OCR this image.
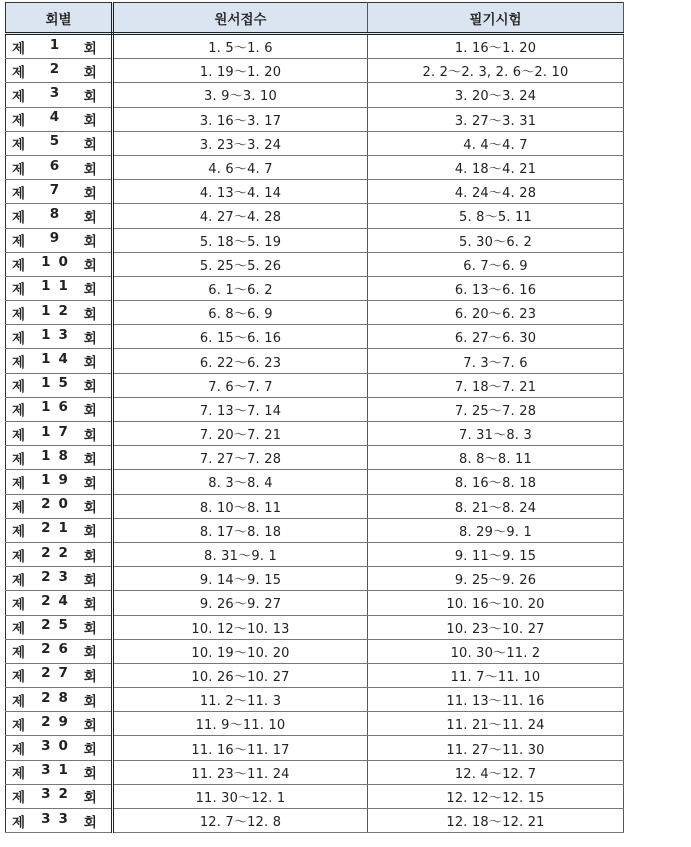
회별	원서접수	필기시험

제 1 회	1. 5～1. 6	1. 16～1. 20

제 2 회	1. 19～1. 20	2. 2～2. 3, 2. 6～2. 10

제 3 회	3. 9～3. 10	3. 20～3. 24

제 4 회	3. 16～3. 17	3. 27～3. 31

제 5 회	3. 23～3. 24	4. 4～4. 7

제 6 회	4. 6～4. 7	4. 18～4. 21

제 7 회	4. 13～4. 14	4. 24～4. 28

제 8 회	4. 27～4. 28	5. 8～5. 11

제 9 회	5. 18～5. 19	5. 30～6. 2

제 10 회	5. 25～5. 26	6. 7～6. 9

제 11 회	6. 1～6. 2	6. 13～6. 16

제 12 회	6. 8～6. 9	6. 20～6. 23

제 13 회	6. 15～6. 16	6. 27～6. 30

제 14 회	6. 22～6. 23	7. 3～7. 6

제 15 회	7. 6～7. 7	7. 18～7. 21

제 16 회	7. 13～7. 14	7. 25～7. 28

제 17 회	7. 20～7. 21	7. 31～8. 3

제 18 회	7. 27～7. 28	8. 8～8. 11

제 19 회	8. 3～8. 4	8. 16～8. 18

제 20 회	8. 10～8. 11	8. 21～8. 24

제 21 회	8. 17～8. 18	8. 29～9. 1

제 22 회	8. 31～9. 1	9. 11～9. 15

제 23 회	9. 14～9. 15	9. 25～9. 26

제 24 회	9. 26～9. 27	10. 16～10. 20

제 25 회	10. 12～10. 13	10. 23～10. 27

제 26 회	10. 19～10. 20	10. 30～11. 2

제 27 회	10. 26～10. 27	11. 7～11. 10

제 28 회	11. 2～11. 3	11. 13～11. 16

제 29 회	11. 9～11. 10	11. 21～11. 24

제 30 회	11. 16～11. 17	11. 27～11. 30

제 31 회	11. 23～11. 24	12. 4～12. 7

제 32 회	11. 30～12. 1	12. 12～12. 15

제 33 회	12. 7～12. 8	12. 18～12. 21
